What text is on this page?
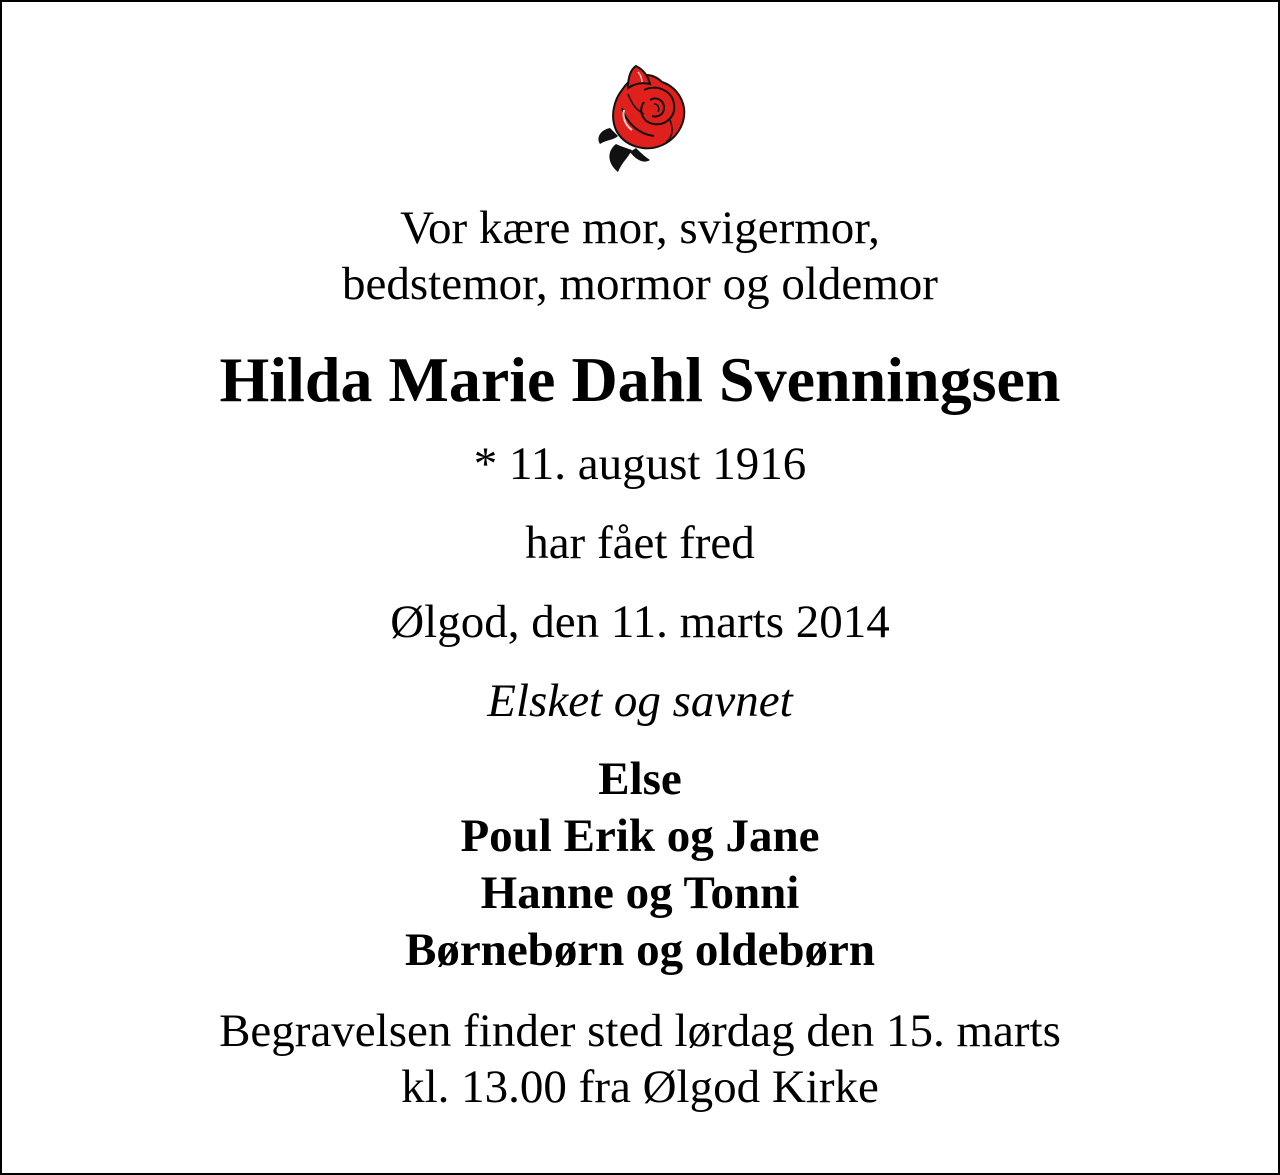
Vor kære mor, svigermor,
bedstemor, mormor og oldemor
Hilda Marie Dahl Svenningsen
* 11. august 1916
har fået fred
Ølgod, den 11. marts 2014
Elsket og savnet
Else
Poul Erik og Jane
Hanne og Tonni
Børnebørn og oldebørn
Begravelsen finder sted lørdag den 15. marts
kl. 13.00 fra Ølgod Kirke
